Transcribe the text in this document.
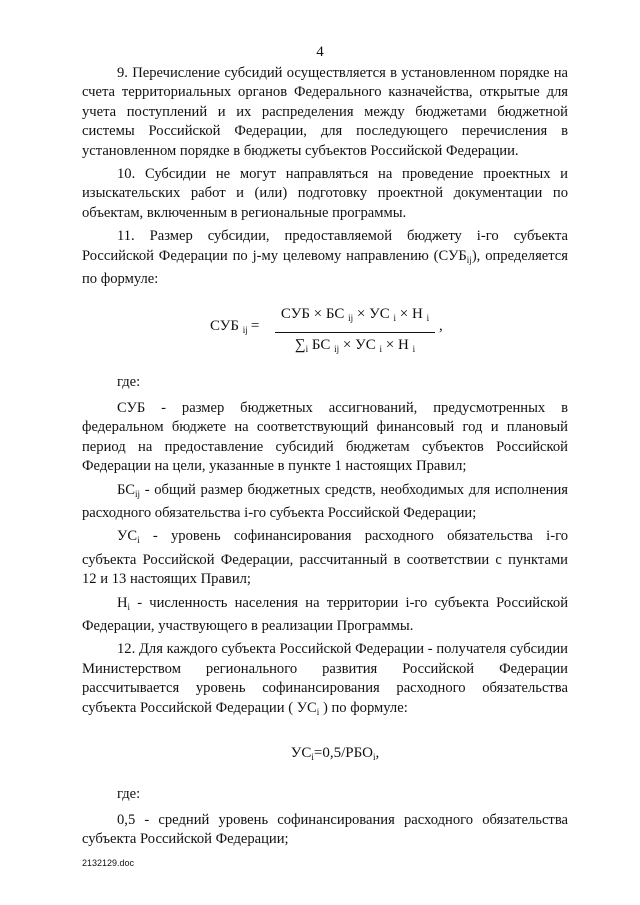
4

9. Перечисление субсидий осуществляется в установленном порядке на счета территориальных органов Федерального казначейства, открытые для учета поступлений и их распределения между бюджетами бюджетной системы Российской Федерации, для последующего перечисления в установленном порядке в бюджеты субъектов Российской Федерации.

10. Субсидии не могут направляться на проведение проектных и изыскательских работ и (или) подготовку проектной документации по объектам, включенным в региональные программы.

11. Размер субсидии, предоставляемой бюджету i-го субъекта Российской Федерации по j-му целевому направлению $(СУБ_{ij})$, определяется по формуле:

СУБ $_{ij}$ =
СУБ × БС $_{ij}$ × УС $_i$ × Н $_i$
$\sum_i$ БС $_{ij}$ × УС $_i$ × Н $_i$
,

где:

СУБ - размер бюджетных ассигнований, предусмотренных в федеральном бюджете на соответствующий финансовый год и плановый период на предоставление субсидий бюджетам субъектов Российской Федерации на цели, указанные в пункте 1 настоящих Правил;

$БС_{ij}$ - общий размер бюджетных средств, необходимых для исполнения расходного обязательства i-го субъекта Российской Федерации;

$УС_i$ - уровень софинансирования расходного обязательства i-го субъекта Российской Федерации, рассчитанный в соответствии с пунктами 12 и 13 настоящих Правил;

$Н_i$ - численность населения на территории i-го субъекта Российской Федерации, участвующего в реализации Программы.

12. Для каждого субъекта Российской Федерации - получателя субсидии Министерством регионального развития Российской Федерации рассчитывается уровень софинансирования расходного обязательства субъекта Российской Федерации ( $УС_i$ ) по формуле:

$УС_i=0,5/РБО_i$,

где:

0,5 - средний уровень софинансирования расходного обязательства субъекта Российской Федерации;

2132129.doc
